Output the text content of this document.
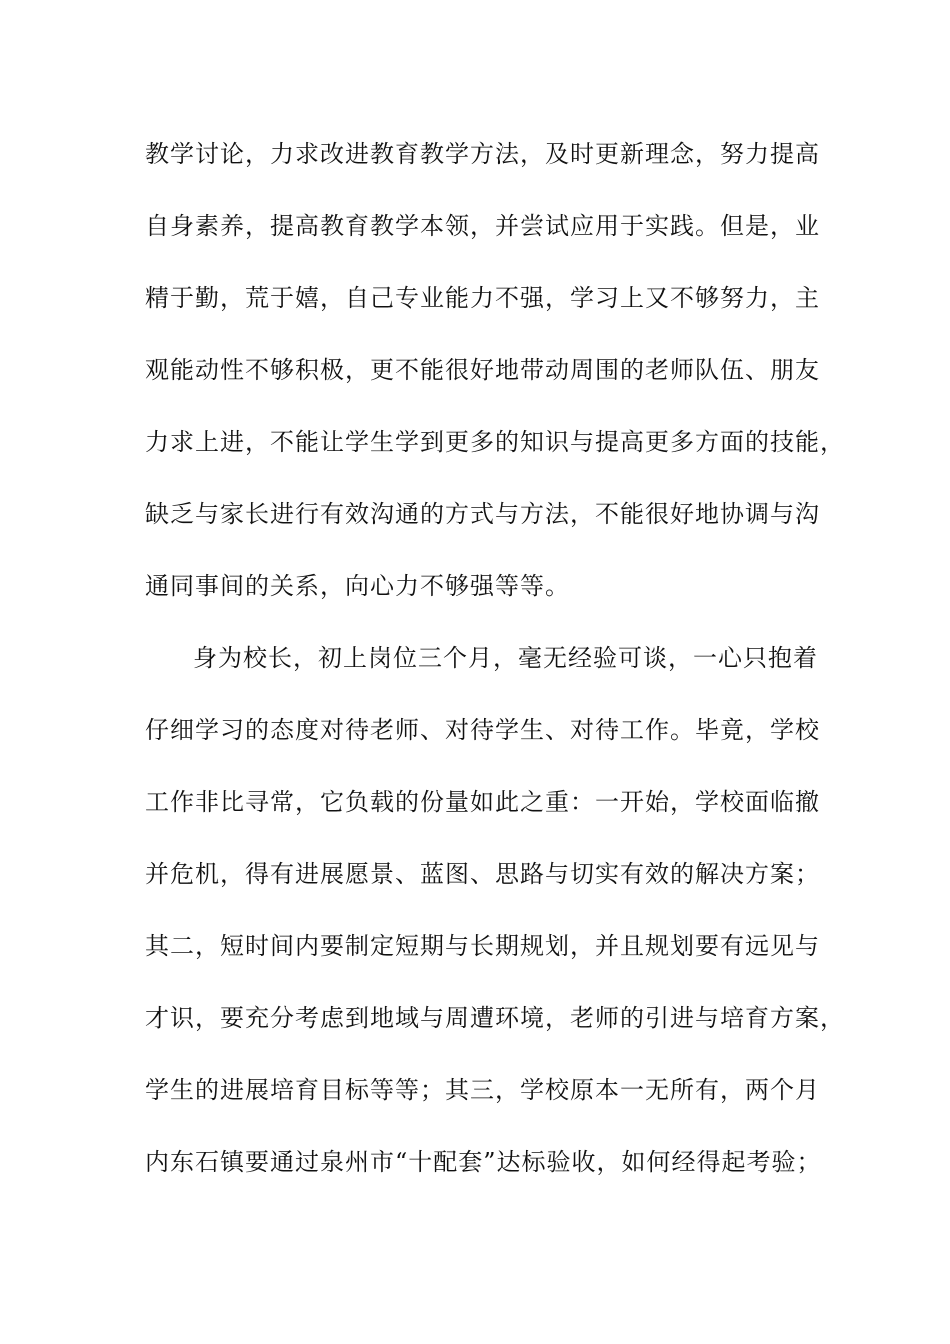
教学讨论，力求改进教育教学方法，及时更新理念，努力提高
自身素养，提高教育教学本领，并尝试应用于实践。但是，业
精于勤，荒于嬉，自己专业能力不强，学习上又不够努力，主
观能动性不够积极，更不能很好地带动周围的老师队伍、朋友
力求上进，不能让学生学到更多的知识与提高更多方面的技能，
缺乏与家长进行有效沟通的方式与方法，不能很好地协调与沟
通同事间的关系，向心力不够强等等。
身为校长，初上岗位三个月，毫无经验可谈，一心只抱着
仔细学习的态度对待老师、对待学生、对待工作。毕竟，学校
工作非比寻常，它负载的份量如此之重：一开始，学校面临撤
并危机，得有进展愿景、蓝图、思路与切实有效的解决方案；
其二，短时间内要制定短期与长期规划，并且规划要有远见与
才识，要充分考虑到地域与周遭环境，老师的引进与培育方案，
学生的进展培育目标等等；其三，学校原本一无所有，两个月
内东石镇要通过泉州市“十配套”达标验收，如何经得起考验；
